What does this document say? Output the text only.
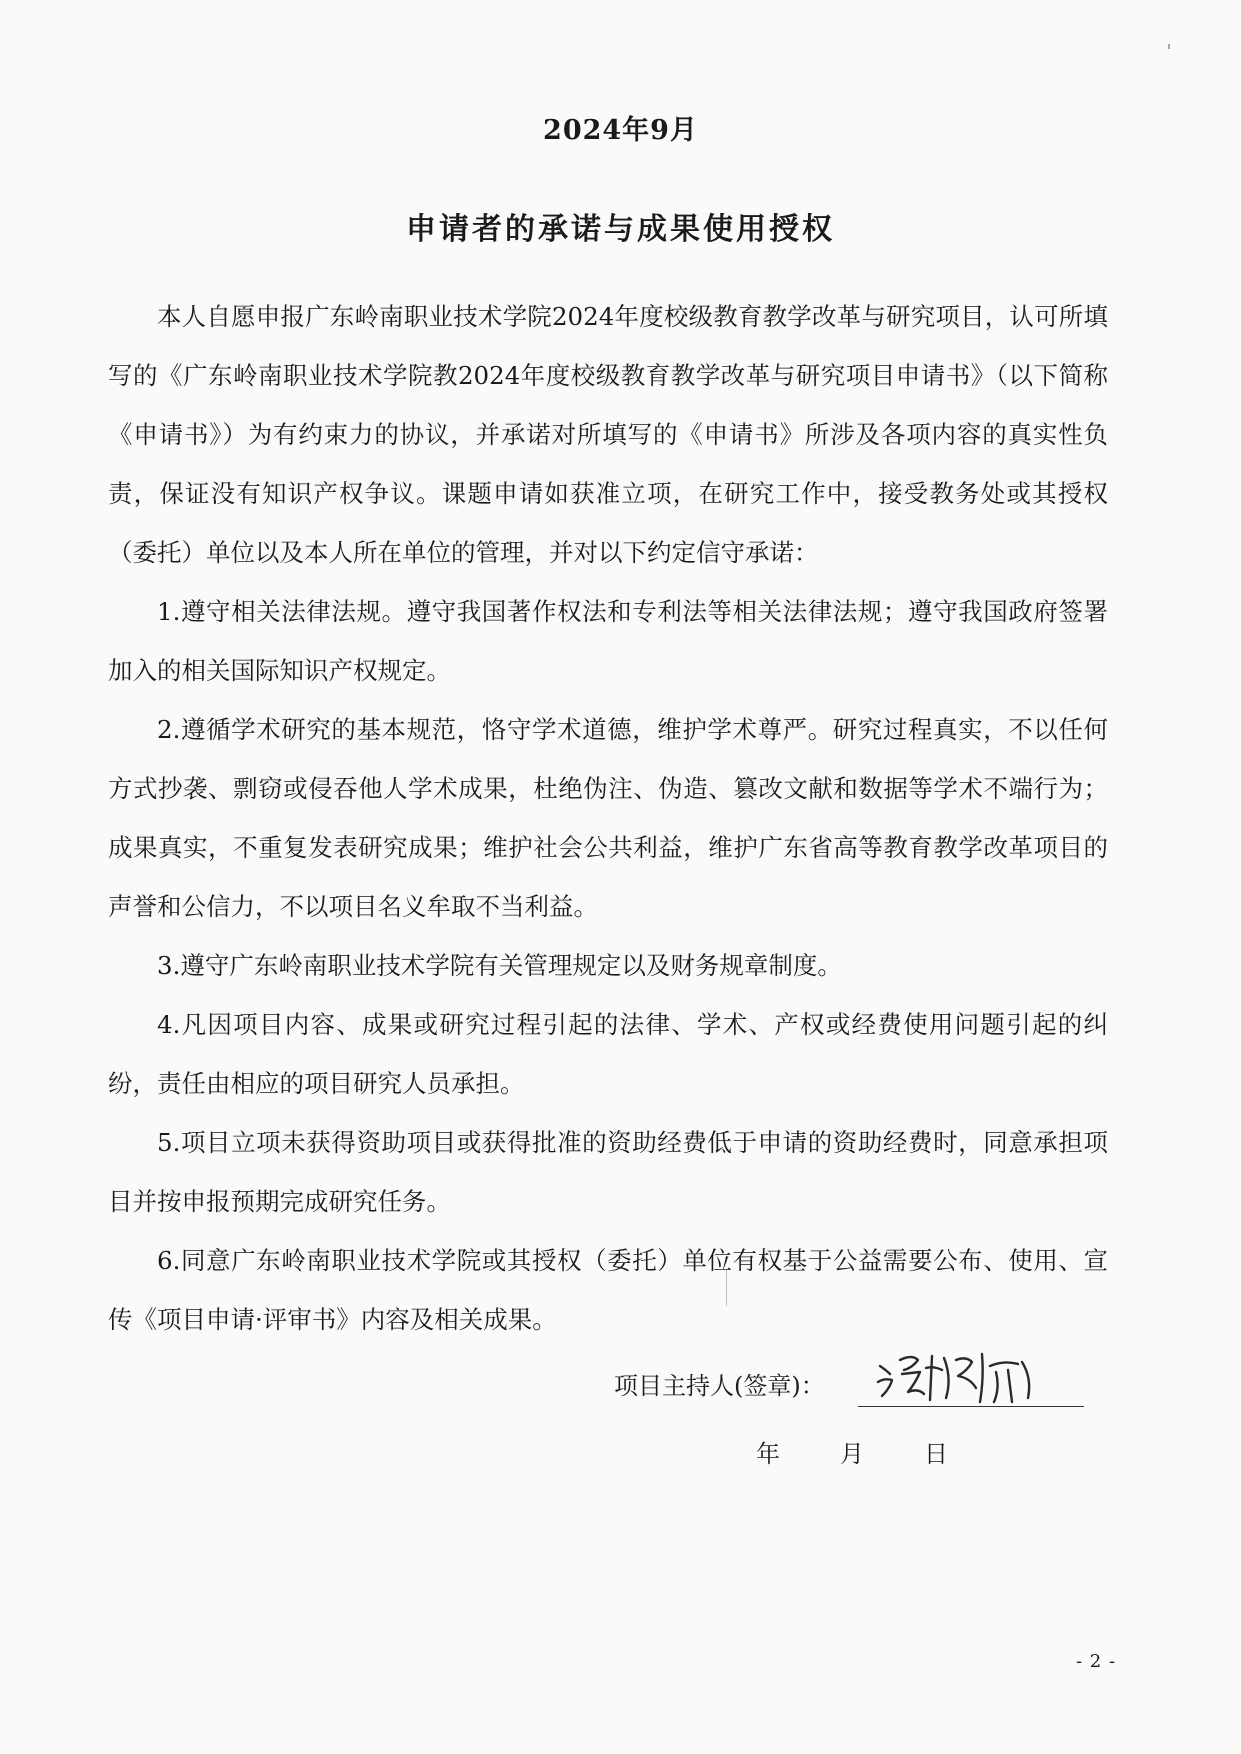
2024年9月
申请者的承诺与成果使用授权

本人自愿申报广东岭南职业技术学院2024年度校级教育教学改革与研究项目，认可所填写的《广东岭南职业技术学院教2024年度校级教育教学改革与研究项目申请书》（以下简称《申请书》）为有约束力的协议，并承诺对所填写的《申请书》所涉及各项内容的真实性负责，保证没有知识产权争议。课题申请如获准立项，在研究工作中，接受教务处或其授权（委托）单位以及本人所在单位的管理，并对以下约定信守承诺：

1.遵守相关法律法规。遵守我国著作权法和专利法等相关法律法规；遵守我国政府签署加入的相关国际知识产权规定。

2.遵循学术研究的基本规范，恪守学术道德，维护学术尊严。研究过程真实，不以任何方式抄袭、剽窃或侵吞他人学术成果，杜绝伪注、伪造、篡改文献和数据等学术不端行为；成果真实，不重复发表研究成果；维护社会公共利益，维护广东省高等教育教学改革项目的声誉和公信力，不以项目名义牟取不当利益。

3.遵守广东岭南职业技术学院有关管理规定以及财务规章制度。

4.凡因项目内容、成果或研究过程引起的法律、学术、产权或经费使用问题引起的纠纷，责任由相应的项目研究人员承担。

5.项目立项未获得资助项目或获得批准的资助经费低于申请的资助经费时，同意承担项目并按申报预期完成研究任务。

6.同意广东岭南职业技术学院或其授权（委托）单位有权基于公益需要公布、使用、宣传《项目申请·评审书》内容及相关成果。

项目主持人(签章)：
年	月	日
- 2 -
